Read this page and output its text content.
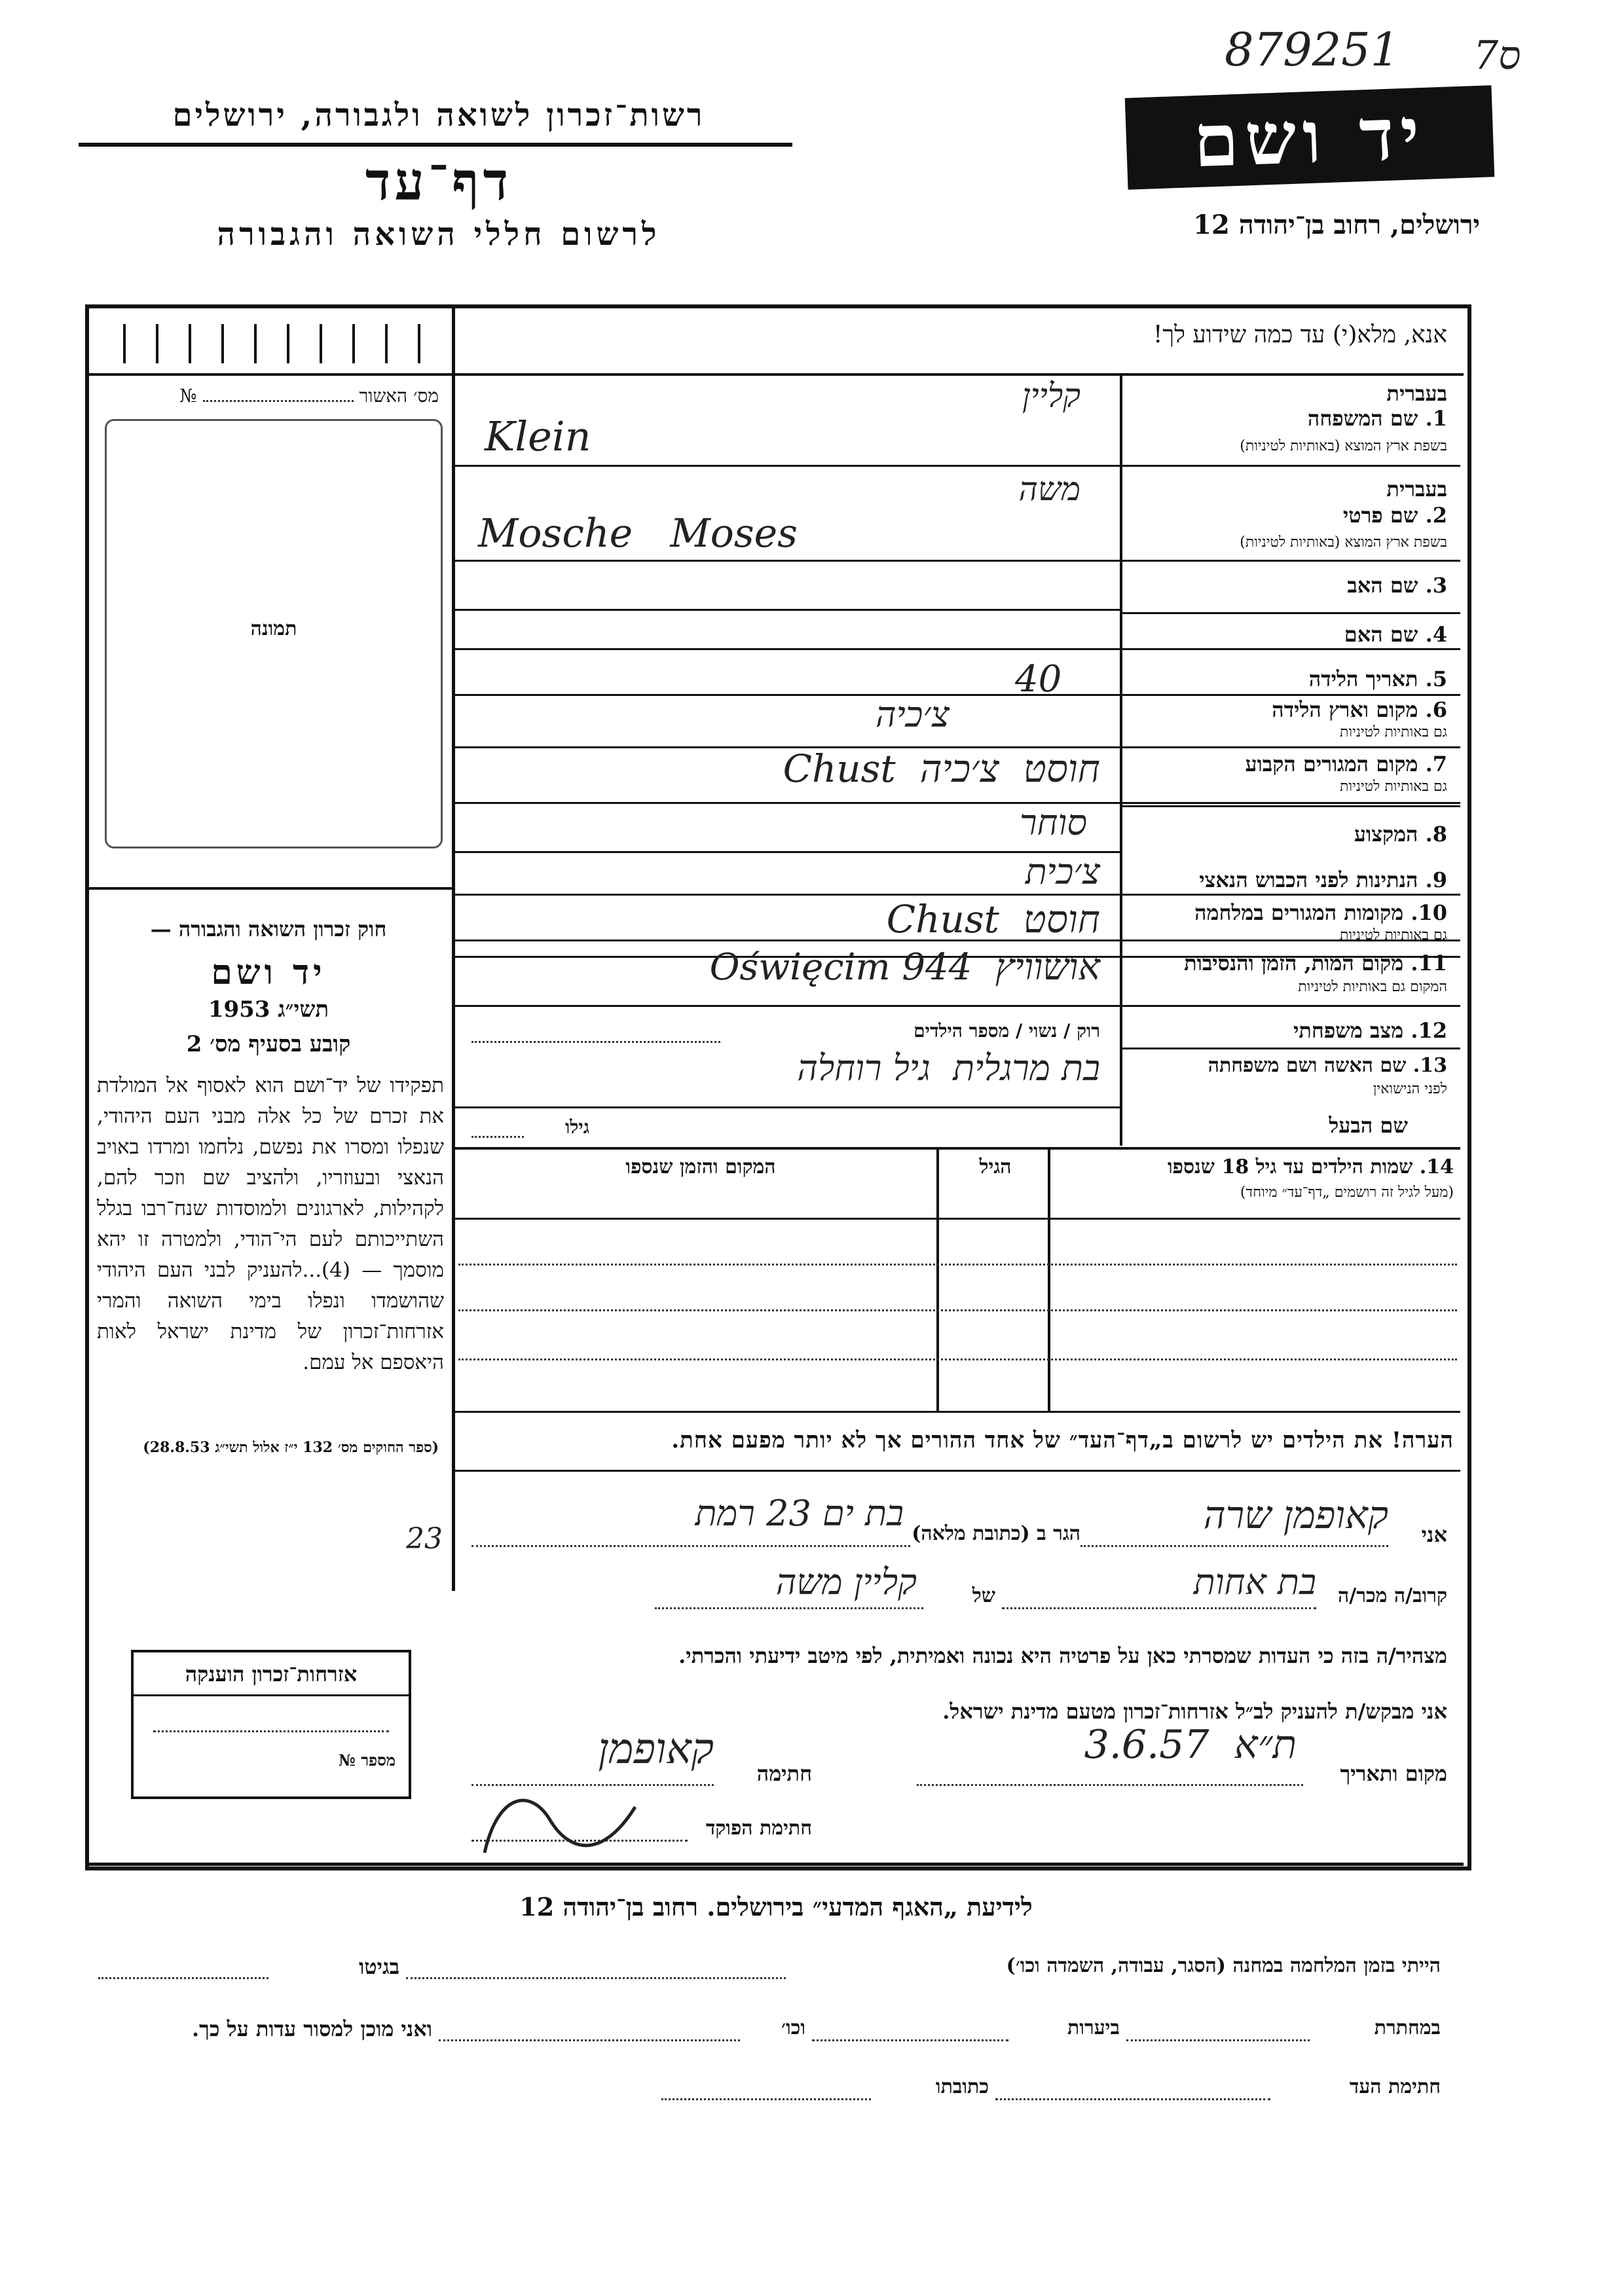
879251 7ס
רשות־זכרון לשואה ולגבורה, ירושלים
דף־עד
לרשום חללי השואה והגבורה
יד ושם
ירושלים, רחוב בן־יהודה 12
אנא, מלא(י) עד כמה שידוע לך!
מס׳ האשור  №
תמונה
חוק זכרון השואה והגבורה —
יד ושם
תשי״ג 1953
קובע בסעיף מס׳ 2
תפקידו של יד־ושם הוא לאסוף אל המולדת את זכרם של כל אלה מבני העם היהודי, שנפלו ומסרו את נפשם, נלחמו ומרדו באויב הנאצי ובעוזריו, ולהציב שם וזכר להם, לקהילות, לארגונים ולמוסדות שנח־רבו בגלל השתייכותם לעם הי־הודי, ולמטרה זו יהא מוסמך — (4)...להעניק לבני העם היהודי שהושמדו ונפלו בימי השואה והמרי אזרחות־זכרון של מדינת ישראל לאות היאספם אל עמם.
(ספר החוקים מס׳ 132 י״ז אלול תשי״ג 28.8.53)
בעברית
1. שם המשפחה
בשפת ארץ המוצא (באותיות לטיניות)
קליין
Klein
בעברית
2. שם פרטי
בשפת ארץ המוצא (באותיות לטיניות)
משה
Mosche   Moses
3. שם האב
4. שם האם
5. תאריך הלידה
40
6. מקום וארץ הלידה
גם באותיות לטיניות
צ׳כיה
7. מקום המגורים הקבוע
גם באותיות לטיניות
חוסט  צ׳כיה  Chust
8. המקצוע
סוחר
9. הנתינות לפני הכבוש הנאצי
צ׳כית
10. מקומות המגורים במלחמה
גם באותיות לטיניות
חוסט  Chust
11. מקום המות, הזמן והנסיבות
המקום גם באותיות לטיניות
אושוויץ  Oświęcim 944
12. מצב משפחתי
רוק / נשוי / מספר הילדים
13. שם האשה ושם משפחתה
לפני הנישואין
בת מרגלית  גיל רוחלה
שם הבעל
גילו
14. שמות הילדים עד גיל 18 שנספו
(מעל לגיל זה רושמים „דף־עד״ מיוחד)
הגיל
המקום והזמן שנספו
הערה! את הילדים יש לרשום ב„דף־העד״ של אחד ההורים אך לא יותר מפעם אחת.
אני
קאופמן שרה
הגר ב (כתובת מלאה)
בת ים 23 רמת
23
קרוב/ה מכר/ה
בת אחות
של
קליין משה
מצהיר/ה בזה כי העדות שמסרתי כאן על פרטיה היא נכונה ואמיתית, לפי מיטב ידיעתי והכרתי.
אני מבקש/ת להעניק לב״ל אזרחות־זכרון מטעם מדינת ישראל.
מקום ותאריך
ת״א  3.6.57
חתימה
קאופמן
חתימת הפוקד
אזרחות־זכרון הוענקה
מספר №
לידיעת „האגף המדעי״ בירושלים. רחוב בן־יהודה 12
הייתי בזמן המלחמה במחנה (הסגר, עבודה, השמדה וכו׳)
בגיטו
במחתרת
ביערות
וכו׳
ואני מוכן למסור עדות על כך.
חתימת העד
כתובתו
